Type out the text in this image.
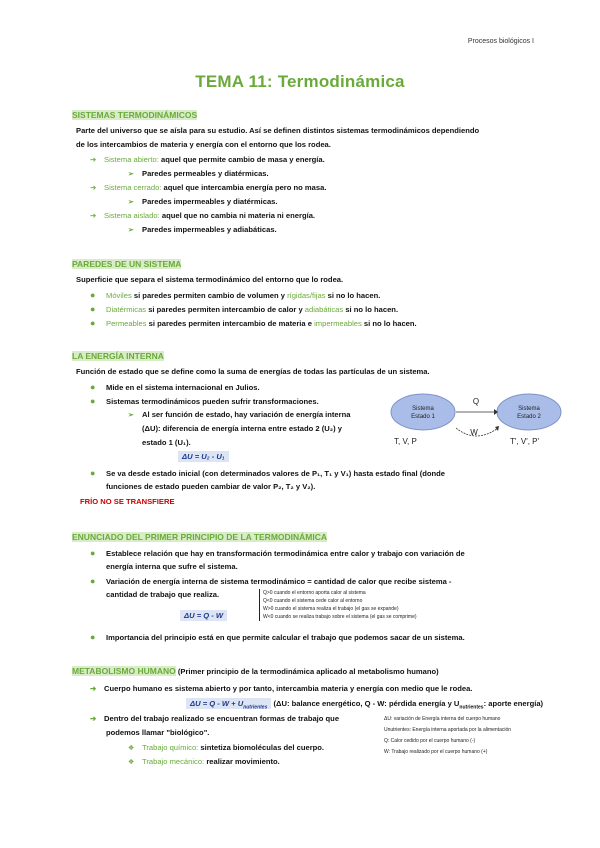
Procesos biológicos I
TEMA 11: Termodinámica
SISTEMAS TERMODINÁMICOS
Parte del universo que se aísla para su estudio. Así se definen distintos sistemas termodinámicos dependiendo
de los intercambios de materia y energía con el entorno que los rodea.
➔ Sistema abierto: aquel que permite cambio de masa y energía.
➢ Paredes permeables y diatérmicas.
➔ Sistema cerrado: aquel que intercambia energía pero no masa.
➢ Paredes impermeables y diatérmicas.
➔ Sistema aislado: aquel que no cambia ni materia ni energía.
➢ Paredes impermeables y adiabáticas.
PAREDES DE UN SISTEMA
Superficie que separa el sistema termodinámico del entorno que lo rodea.
● Móviles si paredes permiten cambio de volumen y rígidas/fijas si no lo hacen.
● Diatérmicas si paredes permiten intercambio de calor y adiabáticas si no lo hacen.
● Permeables si paredes permiten intercambio de materia e impermeables si no lo hacen.
LA ENERGÍA INTERNA
Función de estado que se define como la suma de energías de todas las partículas de un sistema.
● Mide en el sistema internacional en Julios.
● Sistemas termodinámicos pueden sufrir transformaciones.
➢ Al ser función de estado, hay variación de energía interna
(ΔU): diferencia de energía interna entre estado 2 (U₂) y
estado 1 (U₁).
ΔU = U₂ - U₁
Sistema
Estado 1
Sistema
Estado 2
Q
W
T, V, P	T', V', P'
● Se va desde estado inicial (con determinados valores de P₁, T₁ y V₁) hasta estado final (donde
funciones de estado pueden cambiar de valor P₂, T₂ y V₂).
FRÍO NO SE TRANSFIERE
ENUNCIADO DEL PRIMER PRINCIPIO DE LA TERMODINÁMICA
● Establece relación que hay en transformación termodinámica entre calor y trabajo con variación de
energía interna que sufre el sistema.
● Variación de energía interna de sistema termodinámico = cantidad de calor que recibe sistema -
cantidad de trabajo que realiza.
ΔU = Q - W
Q>0 cuando el entorno aporta calor al sistema
Q<0 cuando el sistema cede calor al entorno
W>0 cuando el sistema realiza el trabajo (el gas se expande)
W<0 cuando se realiza trabajo sobre el sistema (el gas se comprime)
● Importancia del principio está en que permite calcular el trabajo que podemos sacar de un sistema.
METABOLISMO HUMANO (Primer principio de la termodinámica aplicado al metabolismo humano)
➔ Cuerpo humano es sistema abierto y por tanto, intercambia materia y energía con medio que le rodea.
$\Delta U = Q - W + U_{nutrientes}$ (ΔU: balance energético, Q - W: pérdida energía y $U_{nutrientes}$: aporte energía)
➔ Dentro del trabajo realizado se encuentran formas de trabajo que
podemos llamar "biológico".
❖ Trabajo químico: sintetiza biomoléculas del cuerpo.
❖ Trabajo mecánico: realizar movimiento.
ΔU: variación de Energía interna del cuerpo humano
Unutrientes: Energía interna aportada por la alimentación
Q: Calor cedido por el cuerpo humano (-)
W: Trabajo realizado por el cuerpo humano (+)
